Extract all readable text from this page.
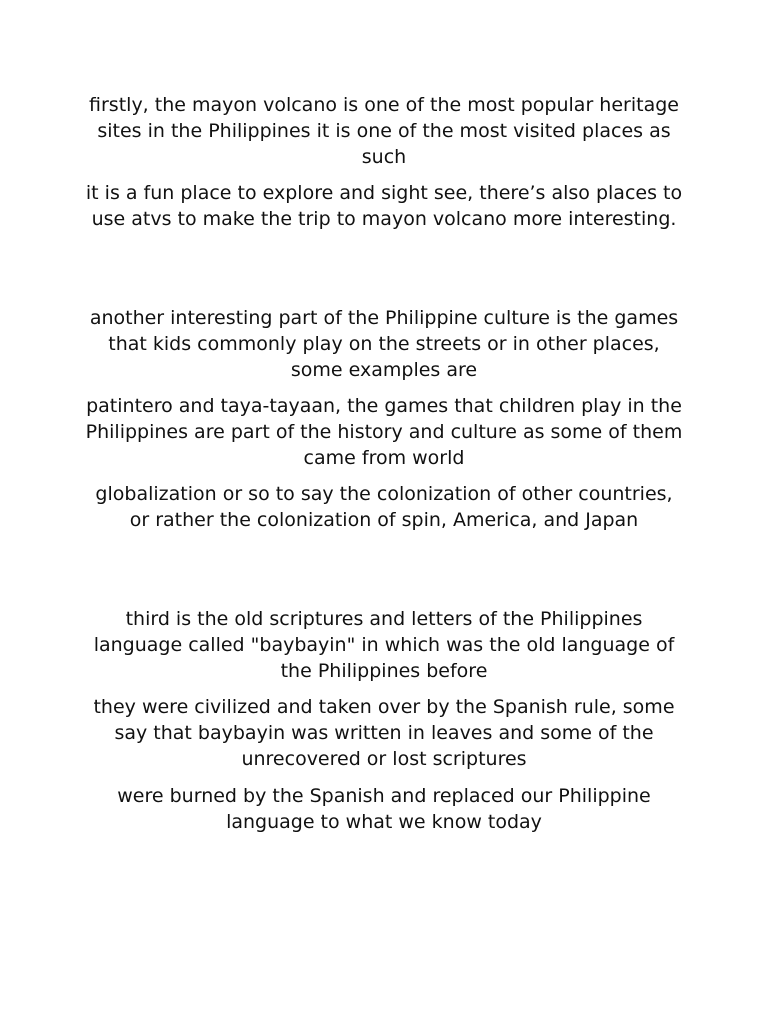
firstly, the mayon volcano is one of the most popular heritage sites in the Philippines it is one of the most visited places as such

it is a fun place to explore and sight see, there’s also places to use atvs to make the trip to mayon volcano more interesting.

another interesting part of the Philippine culture is the games that kids commonly play on the streets or in other places, some examples are

patintero and taya-tayaan, the games that children play in the Philippines are part of the history and culture as some of them came from world

globalization or so to say the colonization of other countries, or rather the colonization of spin, America, and Japan

third is the old scriptures and letters of the Philippines language called "baybayin" in which was the old language of the Philippines before

they were civilized and taken over by the Spanish rule, some say that baybayin was written in leaves and some of the unrecovered or lost scriptures

were burned by the Spanish and replaced our Philippine language to what we know today
